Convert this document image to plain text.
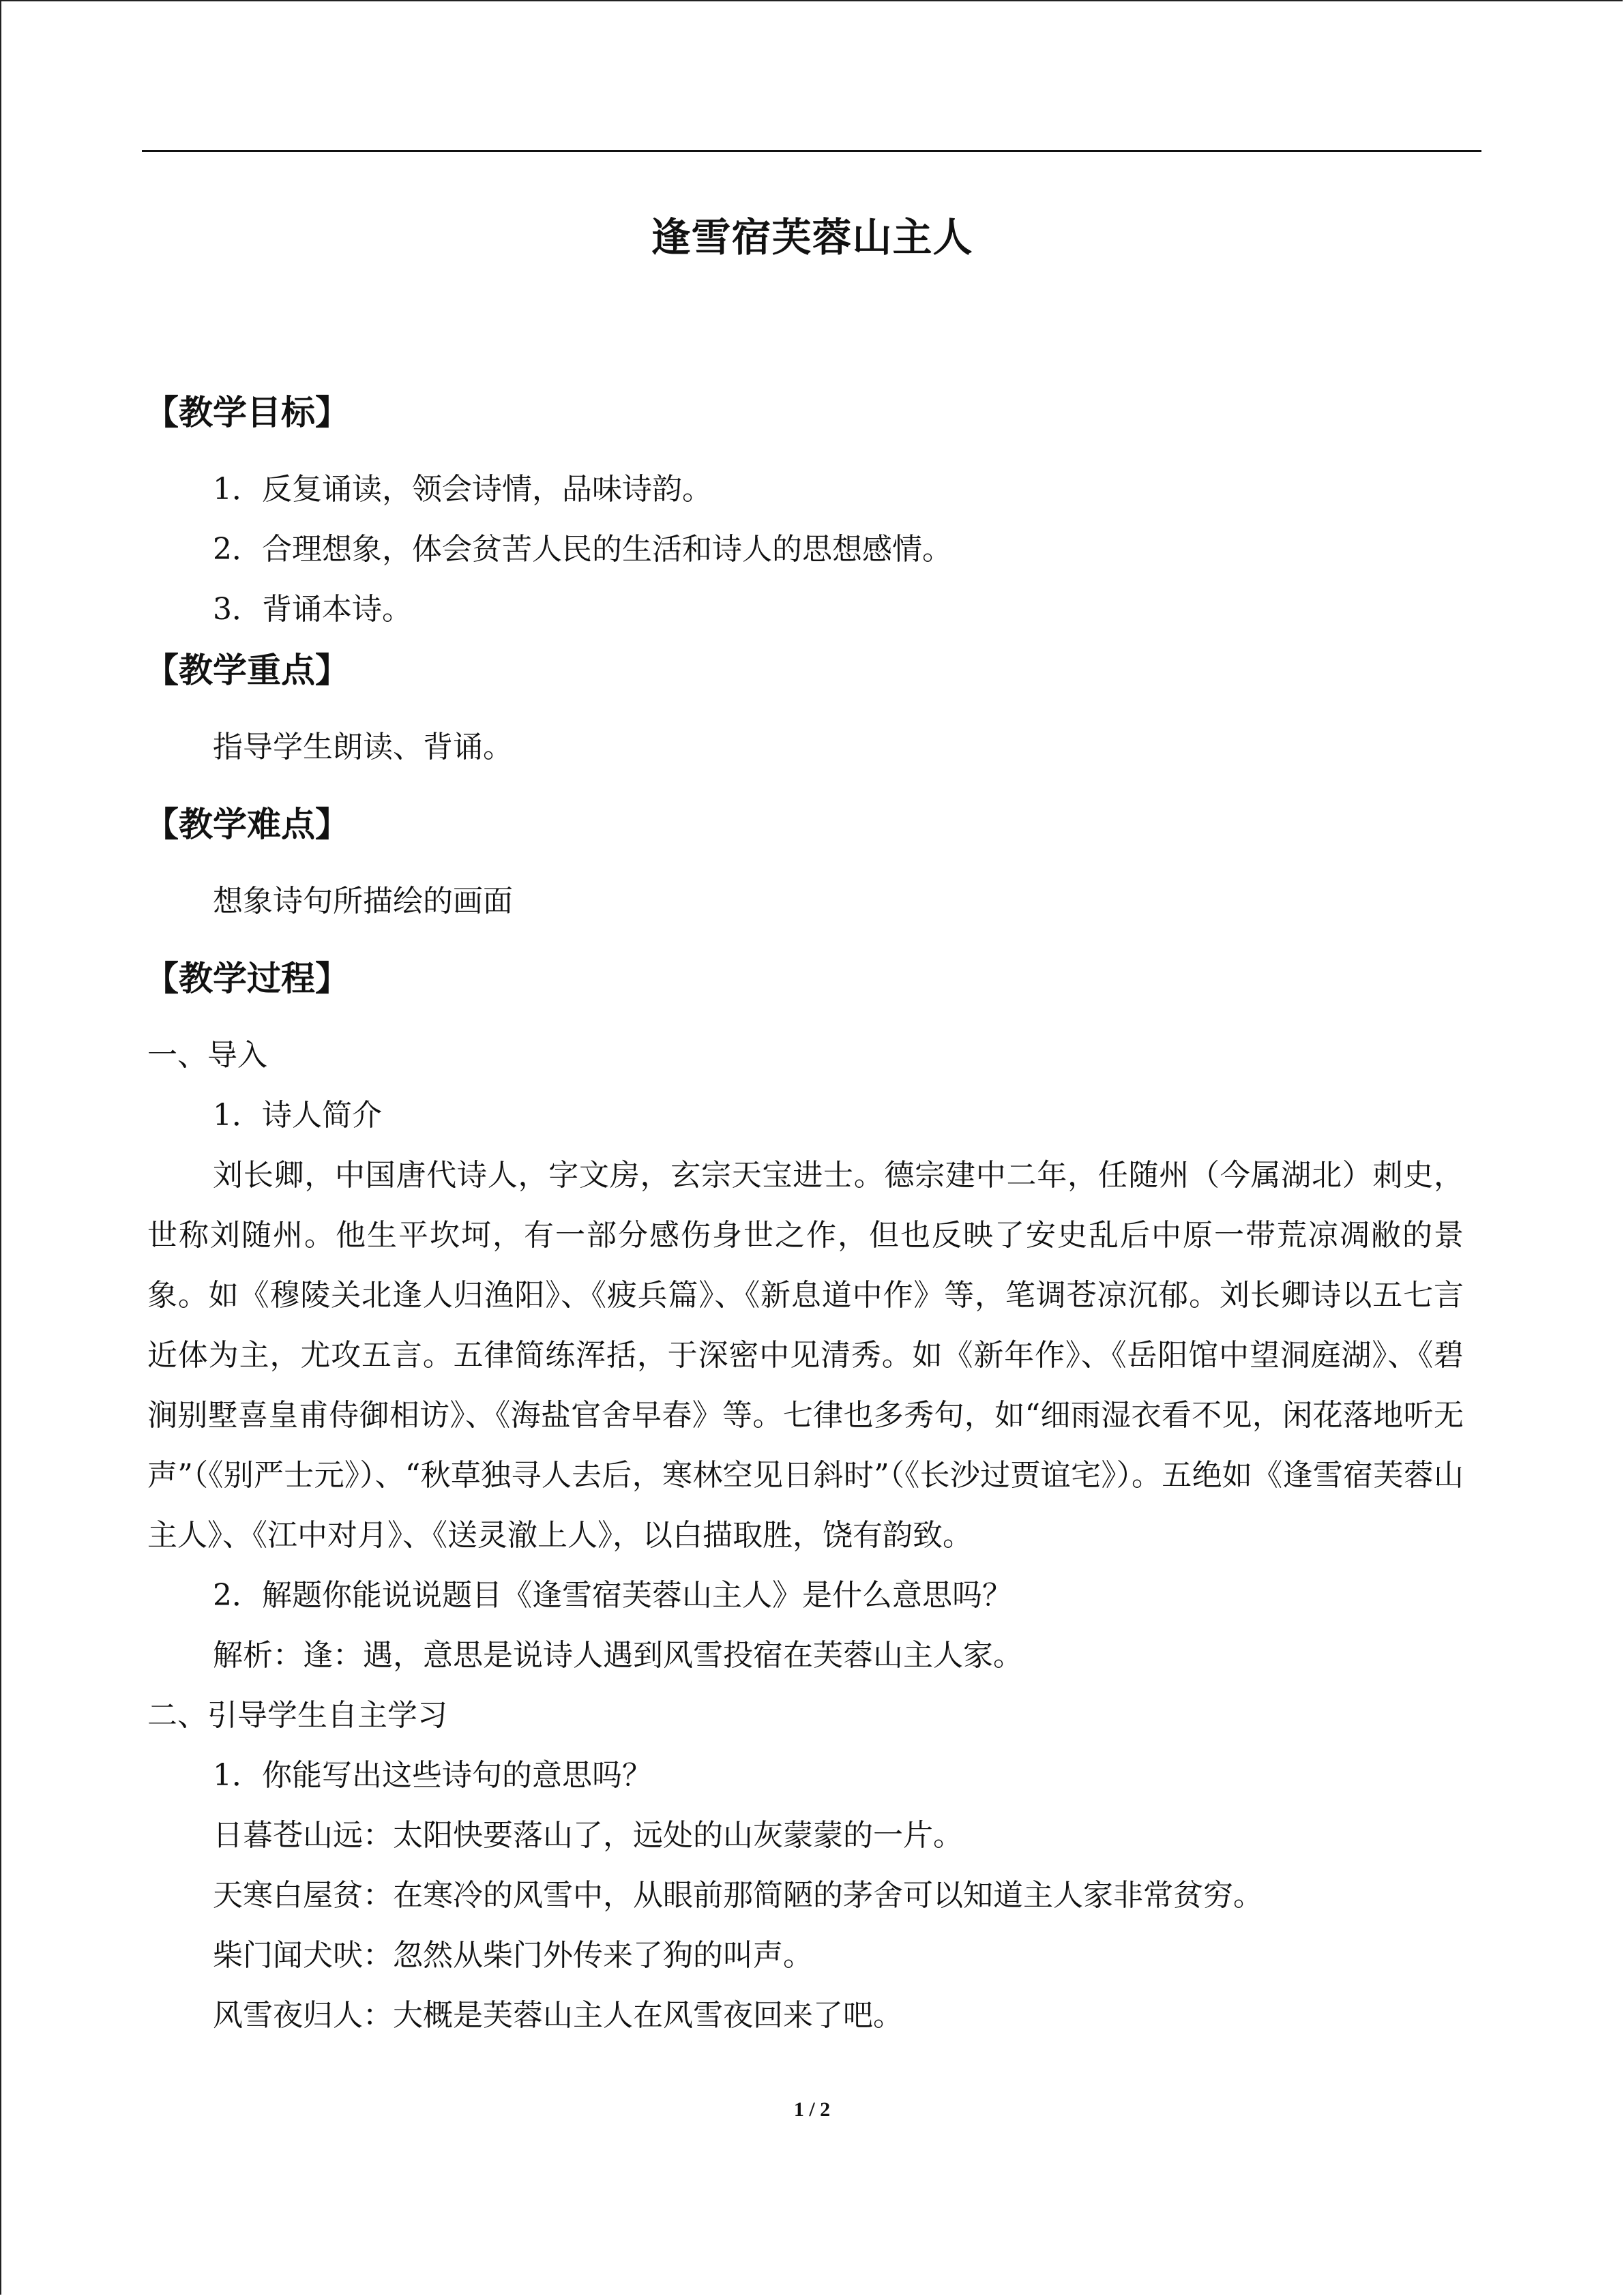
逢雪宿芙蓉山主人
【教学目标】
1．反复诵读，领会诗情，品味诗韵。
2．合理想象，体会贫苦人民的生活和诗人的思想感情。
3．背诵本诗。
【教学重点】
指导学生朗读、背诵。
【教学难点】
想象诗句所描绘的画面
【教学过程】
一、导入
1．诗人简介

刘长卿，中国唐代诗人，字文房，玄宗天宝进士。德宗建中二年，任随州（今属湖北）刺史，世称刘随州。他生平坎坷，有一部分感伤身世之作，但也反映了安史乱后中原一带荒凉凋敝的景象。如《穆陵关北逢人归渔阳》、《疲兵篇》、《新息道中作》等，笔调苍凉沉郁。刘长卿诗以五七言近体为主，尤攻五言。五律简练浑括，于深密中见清秀。如《新年作》、《岳阳馆中望洞庭湖》、《碧涧别墅喜皇甫侍御相访》、《海盐官舍早春》等。七律也多秀句，如“细雨湿衣看不见，闲花落地听无声”（《别严士元》）、“秋草独寻人去后，寒林空见日斜时”（《长沙过贾谊宅》）。五绝如《逢雪宿芙蓉山主人》、《江中对月》、《送灵澈上人》，以白描取胜，饶有韵致。

2．解题你能说说题目《逢雪宿芙蓉山主人》是什么意思吗？
解析：逢：遇，意思是说诗人遇到风雪投宿在芙蓉山主人家。
二、引导学生自主学习
1．你能写出这些诗句的意思吗？
日暮苍山远：太阳快要落山了，远处的山灰蒙蒙的一片。
天寒白屋贫：在寒冷的风雪中，从眼前那简陋的茅舍可以知道主人家非常贫穷。
柴门闻犬吠：忽然从柴门外传来了狗的叫声。
风雪夜归人：大概是芙蓉山主人在风雪夜回来了吧。
1 / 2
